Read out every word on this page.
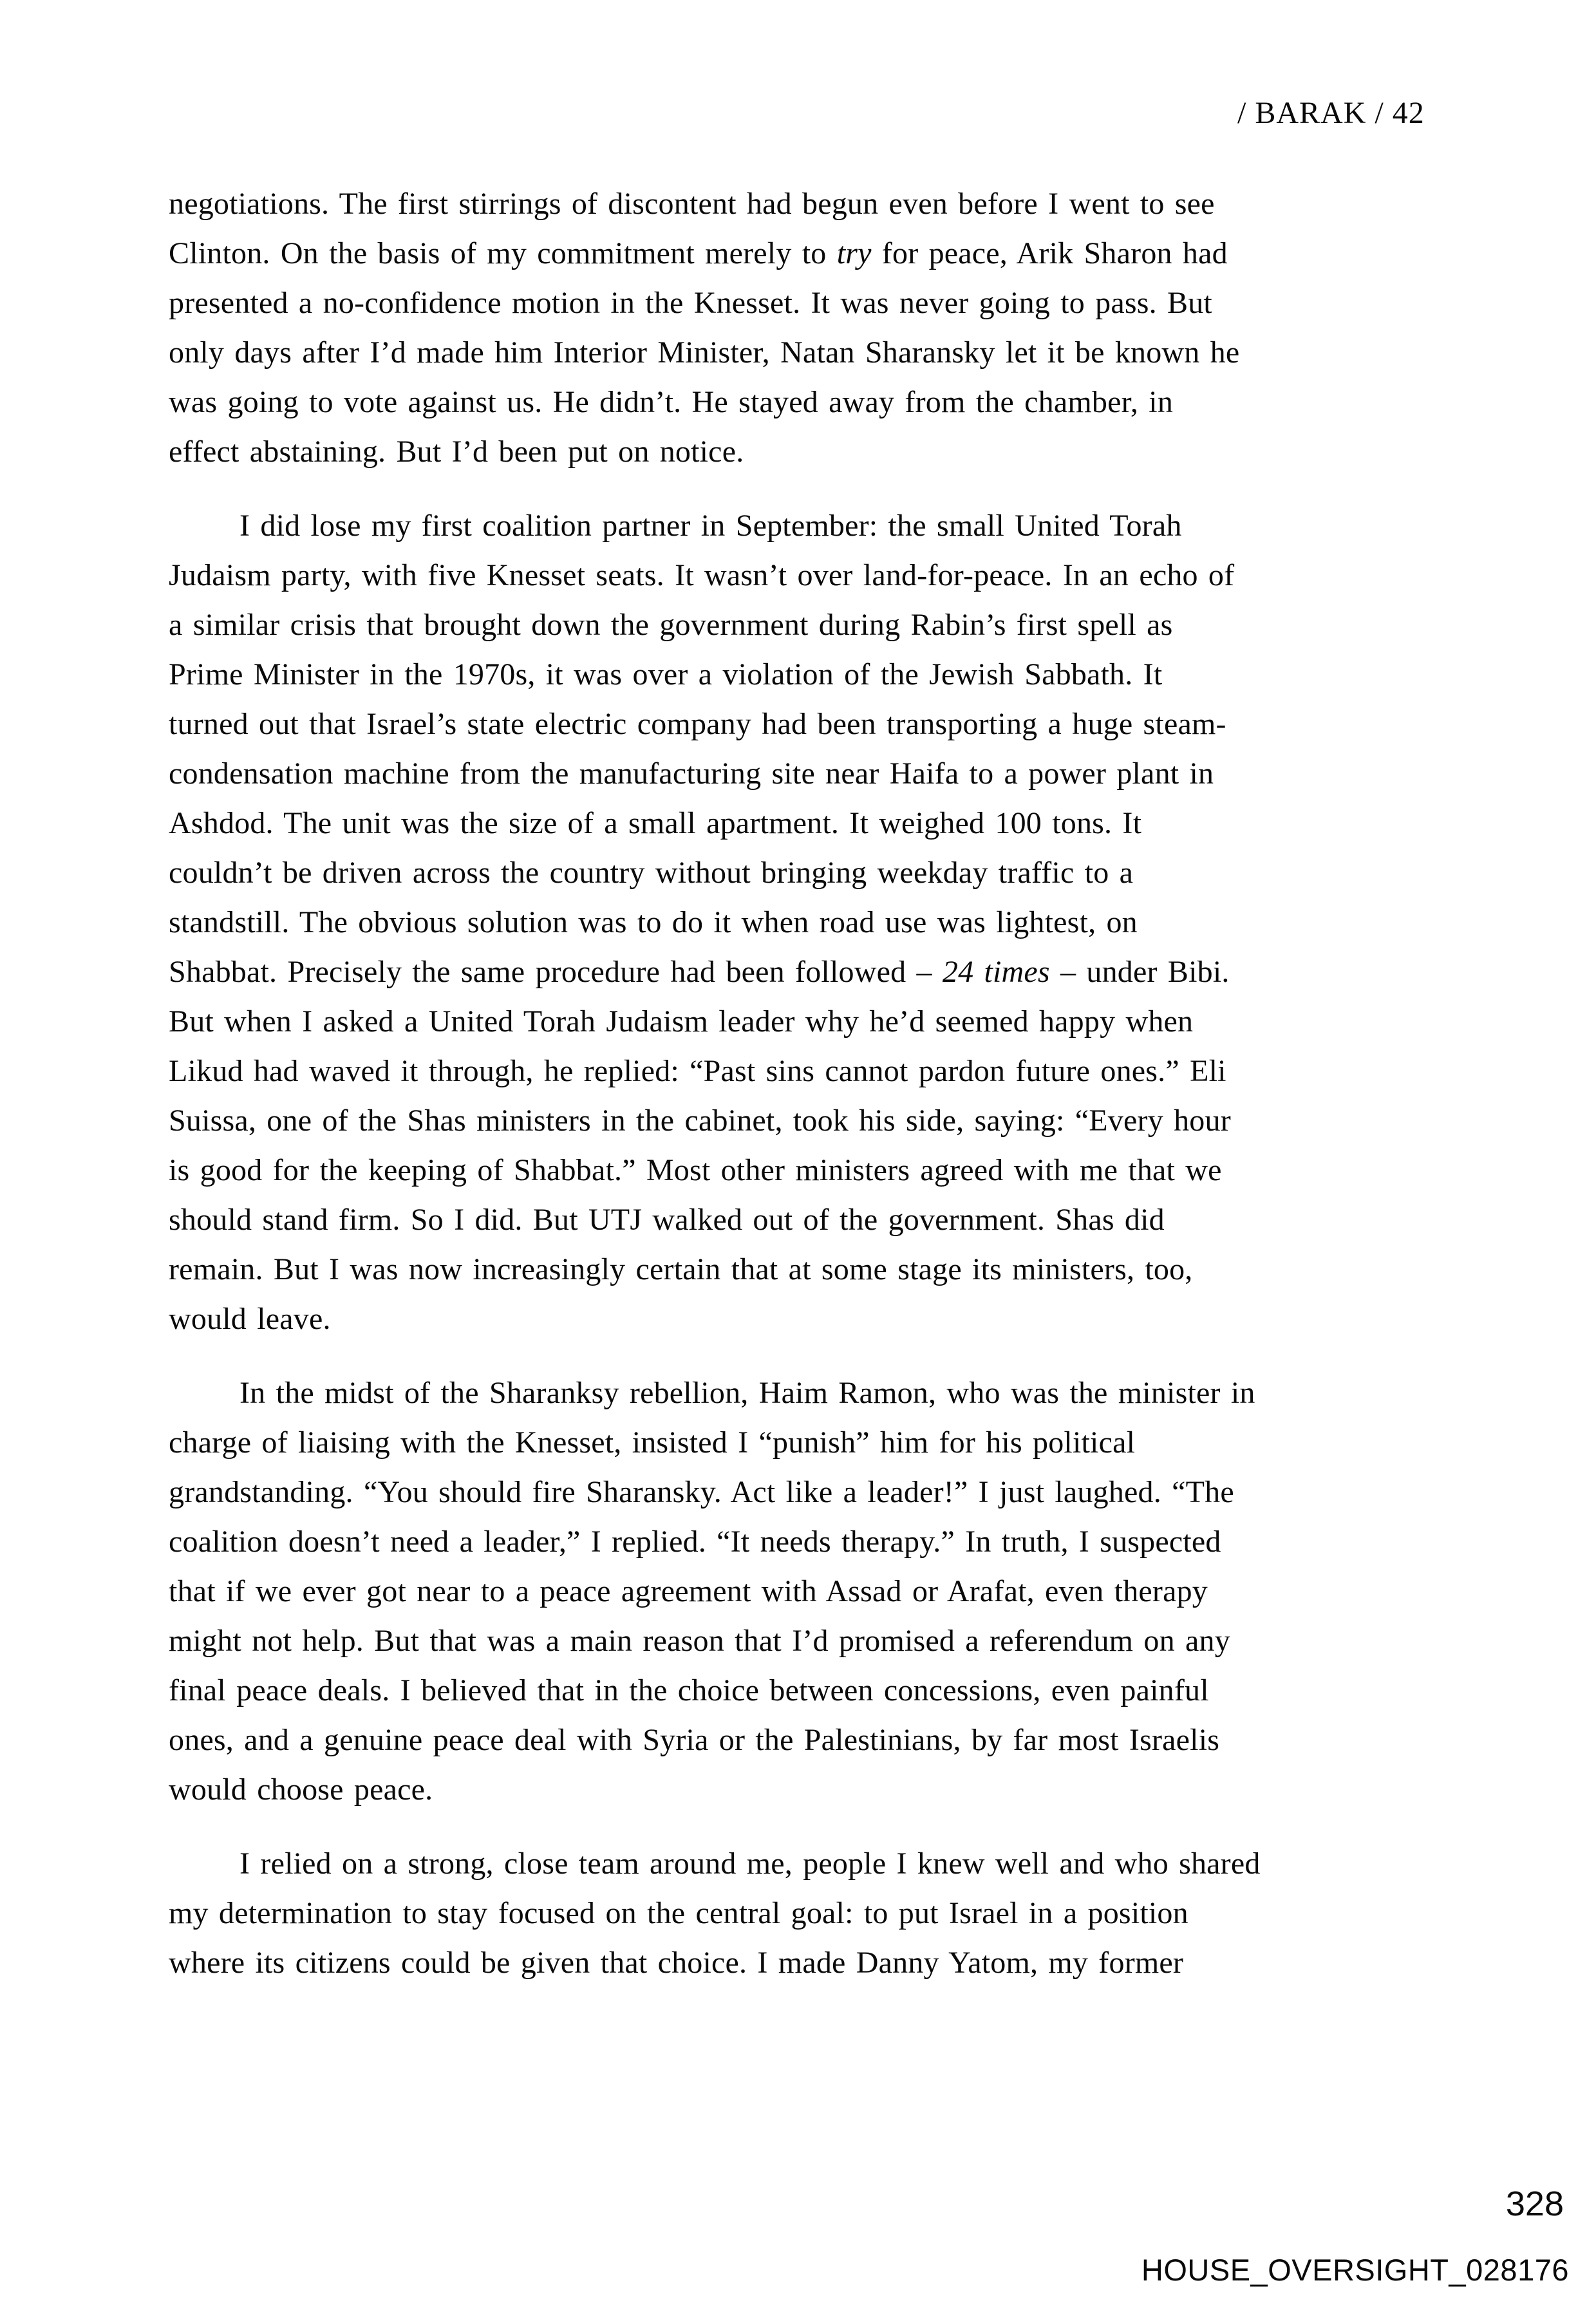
/ BARAK / 42
negotiations. The first stirrings of discontent had begun even before I went to see
Clinton. On the basis of my commitment merely to try for peace, Arik Sharon had
presented a no-confidence motion in the Knesset. It was never going to pass. But
only days after I’d made him Interior Minister, Natan Sharansky let it be known he
was going to vote against us. He didn’t. He stayed away from the chamber, in
effect abstaining. But I’d been put on notice.
I did lose my first coalition partner in September: the small United Torah
Judaism party, with five Knesset seats. It wasn’t over land-for-peace. In an echo of
a similar crisis that brought down the government during Rabin’s first spell as
Prime Minister in the 1970s, it was over a violation of the Jewish Sabbath. It
turned out that Israel’s state electric company had been transporting a huge steam-
condensation machine from the manufacturing site near Haifa to a power plant in
Ashdod. The unit was the size of a small apartment. It weighed 100 tons. It
couldn’t be driven across the country without bringing weekday traffic to a
standstill. The obvious solution was to do it when road use was lightest, on
Shabbat. Precisely the same procedure had been followed – 24 times – under Bibi.
But when I asked a United Torah Judaism leader why he’d seemed happy when
Likud had waved it through, he replied: “Past sins cannot pardon future ones.” Eli
Suissa, one of the Shas ministers in the cabinet, took his side, saying: “Every hour
is good for the keeping of Shabbat.” Most other ministers agreed with me that we
should stand firm. So I did. But UTJ walked out of the government. Shas did
remain. But I was now increasingly certain that at some stage its ministers, too,
would leave.
In the midst of the Sharanksy rebellion, Haim Ramon, who was the minister in
charge of liaising with the Knesset, insisted I “punish” him for his political
grandstanding. “You should fire Sharansky. Act like a leader!” I just laughed. “The
coalition doesn’t need a leader,” I replied. “It needs therapy.” In truth, I suspected
that if we ever got near to a peace agreement with Assad or Arafat, even therapy
might not help. But that was a main reason that I’d promised a referendum on any
final peace deals. I believed that in the choice between concessions, even painful
ones, and a genuine peace deal with Syria or the Palestinians, by far most Israelis
would choose peace.
I relied on a strong, close team around me, people I knew well and who shared
my determination to stay focused on the central goal: to put Israel in a position
where its citizens could be given that choice. I made Danny Yatom, my former
328
HOUSE_OVERSIGHT_028176
